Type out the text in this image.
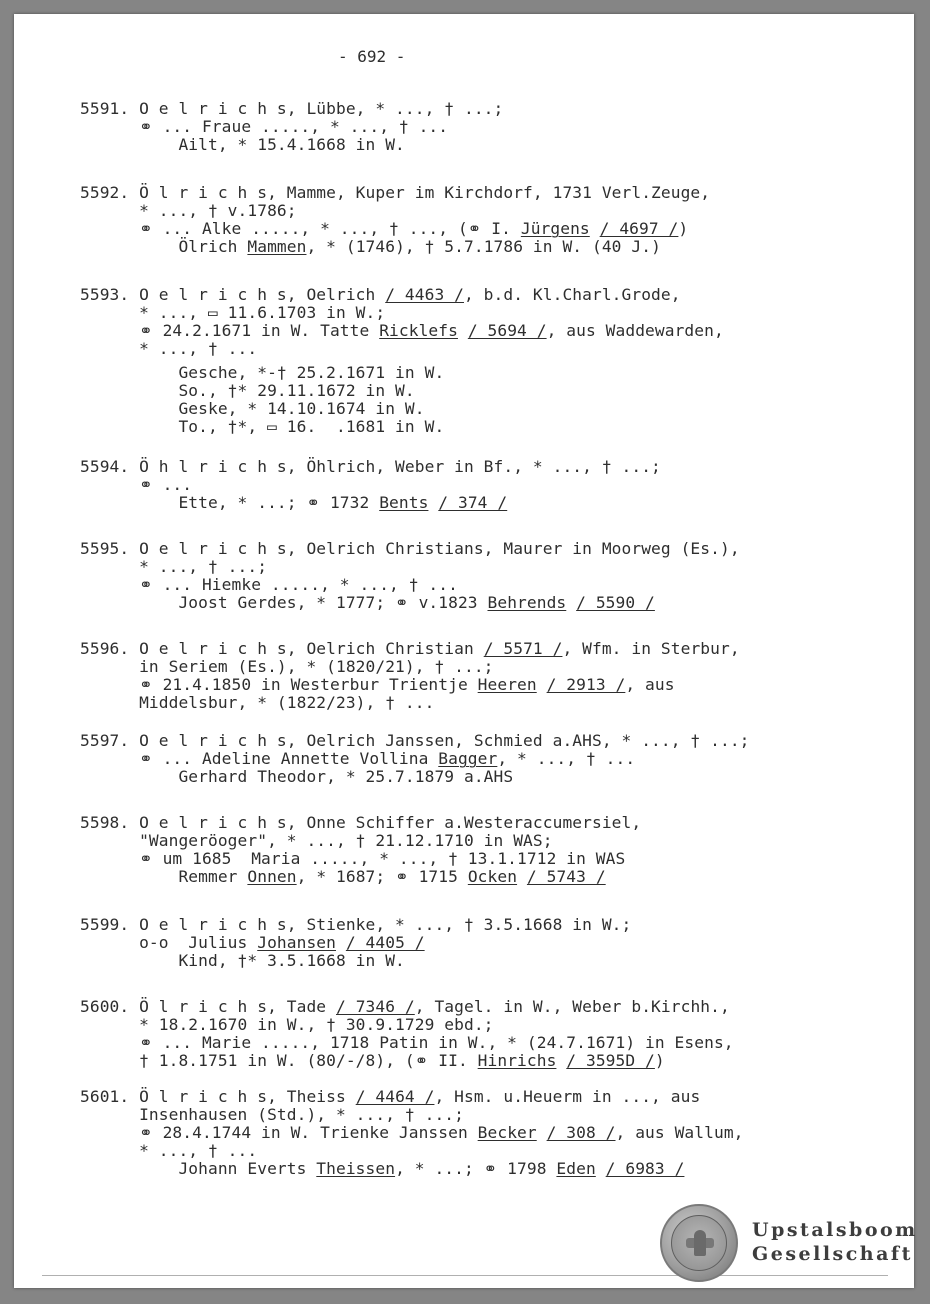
- 692 -
5591. O e l r i c h s, Lübbe, * ..., † ...;
⚭ ... Fraue ....., * ..., † ...
Ailt, * 15.4.1668 in W.
5592. Ö l r i c h s, Mamme, Kuper im Kirchdorf, 1731 Verl.Zeuge,
* ..., † v.1786;
⚭ ... Alke ....., * ..., † ..., (⚭ I. Jürgens / 4697 /)
Ölrich Mammen, * (1746), † 5.7.1786 in W. (40 J.)
5593. O e l r i c h s, Oelrich / 4463 /, b.d. Kl.Charl.Grode,
* ..., ▭ 11.6.1703 in W.;
⚭ 24.2.1671 in W. Tatte Ricklefs / 5694 /, aus Waddewarden,
* ..., † ...
Gesche, *-† 25.2.1671 in W.
So., †* 29.11.1672 in W.
Geske, * 14.10.1674 in W.
To., †*, ▭ 16.  .1681 in W.
5594. Ö h l r i c h s, Öhlrich, Weber in Bf., * ..., † ...;
⚭ ...
Ette, * ...; ⚭ 1732 Bents / 374 /
5595. O e l r i c h s, Oelrich Christians, Maurer in Moorweg (Es.),
* ..., † ...;
⚭ ... Hiemke ....., * ..., † ...
Joost Gerdes, * 1777; ⚭ v.1823 Behrends / 5590 /
5596. O e l r i c h s, Oelrich Christian / 5571 /, Wfm. in Sterbur,
in Seriem (Es.), * (1820/21), † ...;
⚭ 21.4.1850 in Westerbur Trientje Heeren / 2913 /, aus
Middelsbur, * (1822/23), † ...
5597. O e l r i c h s, Oelrich Janssen, Schmied a.AHS, * ..., † ...;
⚭ ... Adeline Annette Vollina Bagger, * ..., † ...
Gerhard Theodor, * 25.7.1879 a.AHS
5598. O e l r i c h s, Onne Schiffer a.Westeraccumersiel,
"Wangeröoger", * ..., † 21.12.1710 in WAS;
⚭ um 1685  Maria ....., * ..., † 13.1.1712 in WAS
Remmer Onnen, * 1687; ⚭ 1715 Ocken / 5743 /
5599. O e l r i c h s, Stienke, * ..., † 3.5.1668 in W.;
o-o  Julius Johansen / 4405 /
Kind, †* 3.5.1668 in W.
5600. Ö l r i c h s, Tade / 7346 /, Tagel. in W., Weber b.Kirchh.,
* 18.2.1670 in W., † 30.9.1729 ebd.;
⚭ ... Marie ....., 1718 Patin in W., * (24.7.1671) in Esens,
† 1.8.1751 in W. (80/-/8), (⚭ II. Hinrichs / 3595D /)
5601. Ö l r i c h s, Theiss / 4464 /, Hsm. u.Heuerm in ..., aus
Insenhausen (Std.), * ..., † ...;
⚭ 28.4.1744 in W. Trienke Janssen Becker / 308 /, aus Wallum,
* ..., † ...
Johann Everts Theissen, * ...; ⚭ 1798 Eden / 6983 /
Upstalsboom
Gesellschaft
